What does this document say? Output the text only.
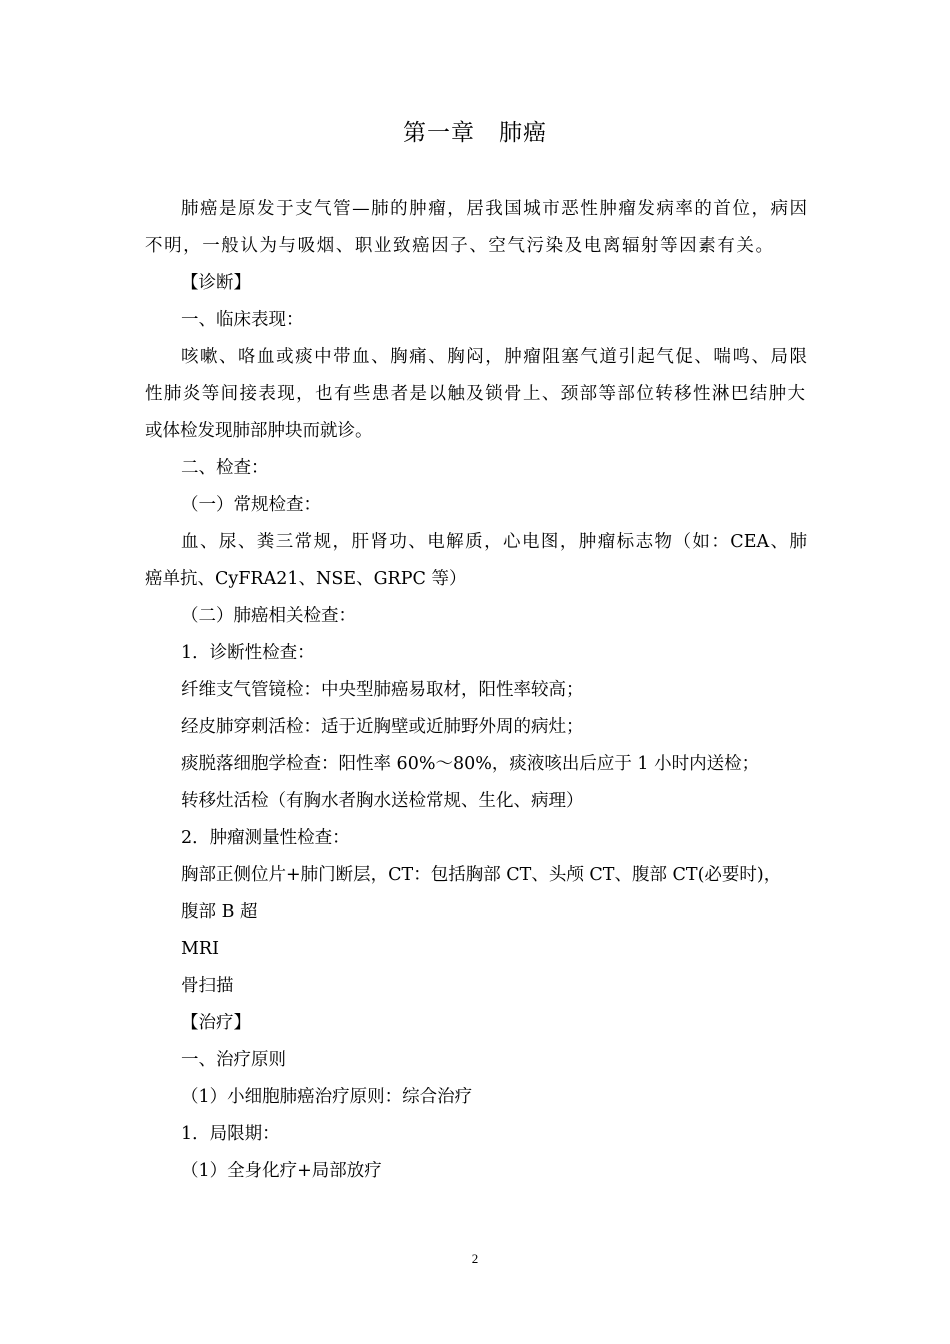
第一章　肺癌
肺癌是原发于支气管—肺的肿瘤，居我国城市恶性肿瘤发病率的首位，病因
不明，一般认为与吸烟、职业致癌因子、空气污染及电离辐射等因素有关。
【诊断】
一、临床表现：
咳嗽、咯血或痰中带血、胸痛、胸闷，肿瘤阻塞气道引起气促、喘鸣、局限
性肺炎等间接表现，也有些患者是以触及锁骨上、颈部等部位转移性淋巴结肿大
或体检发现肺部肿块而就诊。
二、检查：
（一）常规检查：
血、尿、粪三常规，肝肾功、电解质，心电图，肿瘤标志物（如：CEA、肺
癌单抗、CyFRA21、NSE、GRPC 等）
（二）肺癌相关检查：
1．诊断性检查：
纤维支气管镜检：中央型肺癌易取材，阳性率较高；
经皮肺穿刺活检：适于近胸壁或近肺野外周的病灶；
痰脱落细胞学检查：阳性率 60%～80%，痰液咳出后应于 1 小时内送检；
转移灶活检（有胸水者胸水送检常规、生化、病理）
2．肿瘤测量性检查：
胸部正侧位片+肺门断层，CT：包括胸部 CT、头颅 CT、腹部 CT(必要时)，
腹部 B 超
MRI
骨扫描
【治疗】
一、治疗原则
（1）小细胞肺癌治疗原则：综合治疗
1．局限期：
（1）全身化疗+局部放疗
2
